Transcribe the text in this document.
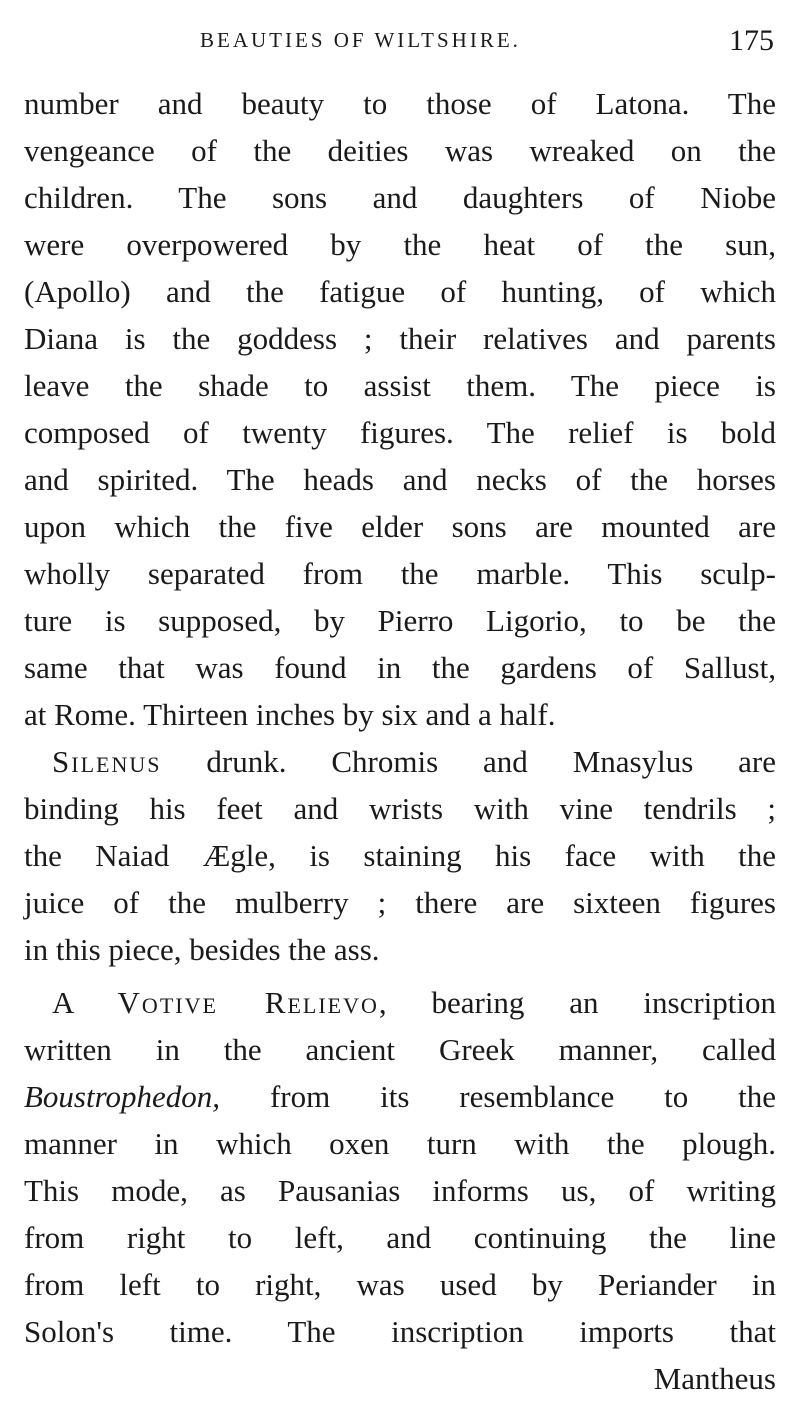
BEAUTIES OF WILTSHIRE.	175
number and beauty to those of Latona. The
vengeance of the deities was wreaked on the
children. The sons and daughters of Niobe
were overpowered by the heat of the sun,
(Apollo) and the fatigue of hunting, of which
Diana is the goddess ; their relatives and parents
leave the shade to assist them. The piece is
composed of twenty figures. The relief is bold
and spirited. The heads and necks of the horses
upon which the five elder sons are mounted are
wholly separated from the marble. This sculp-
ture is supposed, by Pierro Ligorio, to be the
same that was found in the gardens of Sallust,
at Rome. Thirteen inches by six and a half.
Silenus drunk. Chromis and Mnasylus are
binding his feet and wrists with vine tendrils ;
the Naiad Ægle, is staining his face with the
juice of the mulberry ; there are sixteen figures
in this piece, besides the ass.
A Votive Relievo, bearing an inscription
written in the ancient Greek manner, called
Boustrophedon, from its resemblance to the
manner in which oxen turn with the plough.
This mode, as Pausanias informs us, of writing
from right to left, and continuing the line
from left to right, was used by Periander in
Solon's time. The inscription imports that
Mantheus
